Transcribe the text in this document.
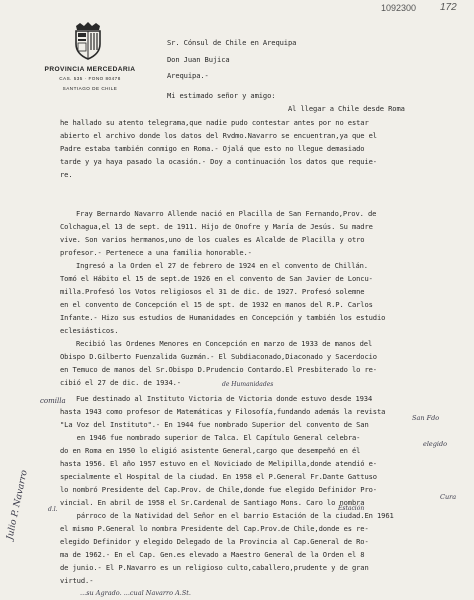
1092300 172
PROVINCIA MERCEDARIA
CAS. 535 · FONO 80478
SANTIAGO DE CHILE
Sr. Cónsul de Chile en Arequipa
Don Juan Bujica
Arequipa.-
Mi estimado señor y amigo:
Al llegar a Chile desde Roma
he hallado su atento telegrama,que nadie pudo contestar antes por no estar
abierto el archivo donde los datos del Rvdmo.Navarro se encuentran,ya que el
Padre estaba también conmigo en Roma.- Ojalá que esto no llegue demasiado
tarde y ya haya pasado la ocasión.- Doy a continuación los datos que requie-
re.
Fray Bernardo Navarro Allende nació en Placilla de San Fernando,Prov. de
Colchagua,el 13 de sept. de 1911. Hijo de Onofre y María de Jesús. Su madre
vive. Son varios hermanos,uno de los cuales es Alcalde de Placilla y otro
profesor.- Pertenece a una familia honorable.-
Ingresó a la Orden el 27 de febrero de 1924 en el convento de Chillán.
Tomó el Hábito el 15 de sept.de 1926 en el convento de San Javier de Loncu-
milla.Profesó los Votos religiosos el 31 de dic. de 1927. Profesó solemne
en el convento de Concepción el 15 de spt. de 1932 en manos del R.P. Carlos
Infante.- Hizo sus estudios de Humanidades en Concepción y también los estudio
eclesiásticos.
Recibió las Ordenes Menores en Concepción en marzo de 1933 de manos del
Obispo D.Gilberto Fuenzalida Guzmán.- El Subdiaconado,Diaconado y Sacerdocio
en Temuco de manos del Sr.Obispo D.Prudencio Contardo.El Presbiterado lo re-
cibió el 27 de dic. de 1934.-
Fue destinado al Instituto Victoria de Victoria donde estuvo desde 1934
hasta 1943 como profesor de Matemáticas y Filosofía,fundando además la revista
"La Voz del Instituto".- En 1944 fue nombrado Superior del convento de San
en 1946 fue nombrado superior de Talca. El Capítulo General celebra-
do en Roma en 1950 lo eligió asistente General,cargo que desempeñó en él
hasta 1956. El año 1957 estuvo en el Noviciado de Melipilla,donde atendió e-
specialmente el Hospital de la ciudad. En 1958 el P.General Fr.Dante Gattuso
lo nombró Presidente del Cap.Prov. de Chile,donde fue elegido Definidor Pro-
vincial. En abril de 1958 el Sr.Cardenal de Santiago Mons. Caro lo nombra
párroco de la Natividad del Señor en el barrio Estación de la ciudad.En 1961
el mismo P.General lo nombra Presidente del Cap.Prov.de Chile,donde es re-
elegido Definidor y elegido Delegado de la Provincia al Cap.General de Ro-
ma de 1962.- En el Cap. Gen.es elevado a Maestro General de la Orden el 8
de junio.- El P.Navarro es un religioso culto,caballero,prudente y de gran
virtud.-
de Humanidades
San Fdo
elegido
Cura
Estación
comilla
d.l.
...su Agrado. ...cual Navarro A.St.
Julio P. Navarro
